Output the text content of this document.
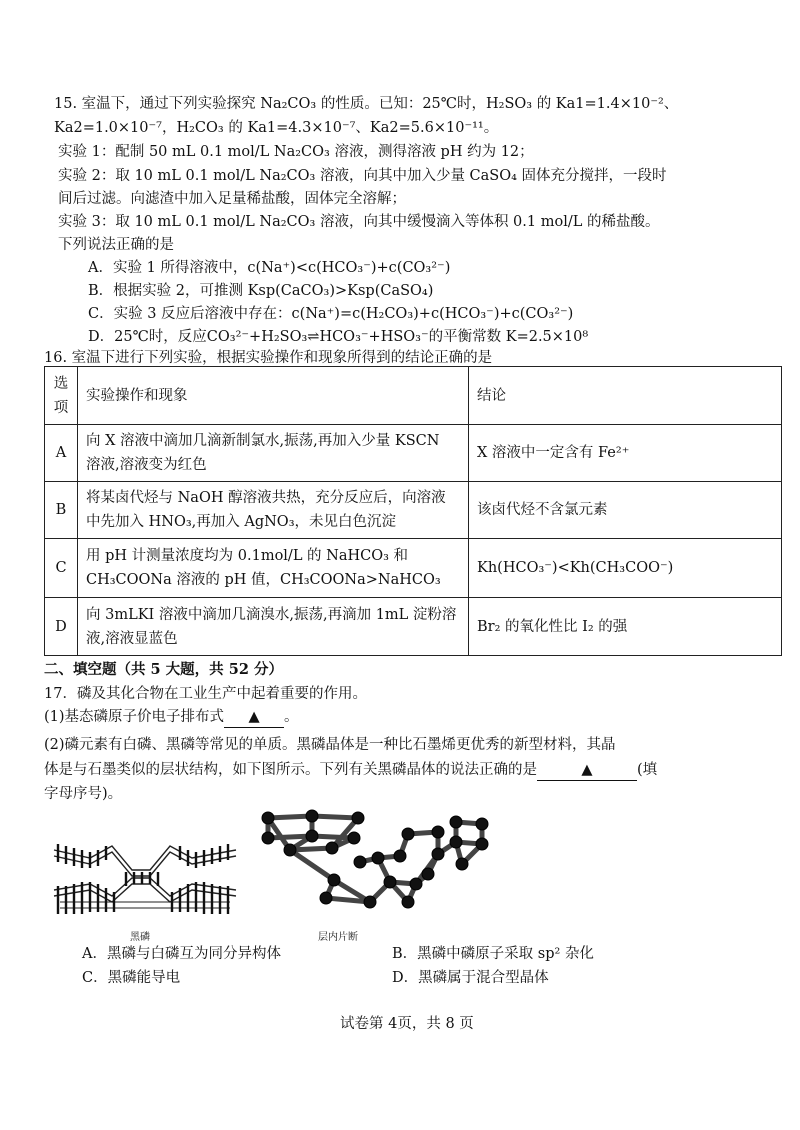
15. 室温下，通过下列实验探究 Na₂CO₃ 的性质。已知：25℃时，H₂SO₃ 的 Ka1=1.4×10⁻²、
Ka2=1.0×10⁻⁷，H₂CO₃ 的 Ka1=4.3×10⁻⁷、Ka2=5.6×10⁻¹¹。
实验 1：配制 50 mL 0.1 mol/L Na₂CO₃ 溶液，测得溶液 pH 约为 12；
实验 2：取 10 mL 0.1 mol/L Na₂CO₃ 溶液，向其中加入少量 CaSO₄ 固体充分搅拌，一段时
间后过滤。向滤渣中加入足量稀盐酸，固体完全溶解；
实验 3：取 10 mL 0.1 mol/L Na₂CO₃ 溶液，向其中缓慢滴入等体积 0.1 mol/L 的稀盐酸。
下列说法正确的是
A．实验 1 所得溶液中，c(Na⁺)<c(HCO₃⁻)+c(CO₃²⁻)
B．根据实验 2，可推测 Ksp(CaCO₃)>Ksp(CaSO₄)
C．实验 3 反应后溶液中存在：c(Na⁺)=c(H₂CO₃)+c(HCO₃⁻)+c(CO₃²⁻)
D．25℃时，反应CO₃²⁻+H₂SO₃⇌HCO₃⁻+HSO₃⁻的平衡常数 K=2.5×10⁸
16. 室温下进行下列实验，根据实验操作和现象所得到的结论正确的是
选
项	实验操作和现象	结论
A	向 X 溶液中滴加几滴新制氯水,振荡,再加入少量 KSCN
溶液,溶液变为红色	X 溶液中一定含有 Fe²⁺
B	将某卤代烃与 NaOH 醇溶液共热，充分反应后，向溶液
中先加入 HNO₃,再加入 AgNO₃，未见白色沉淀	该卤代烃不含氯元素
C	用 pH 计测量浓度均为 0.1mol/L 的 NaHCO₃ 和
CH₃COONa 溶液的 pH 值，CH₃COONa>NaHCO₃	Kh(HCO₃⁻)<Kh(CH₃COO⁻)
D	向 3mLKI 溶液中滴加几滴溴水,振荡,再滴加 1mL 淀粉溶
液,溶液显蓝色	Br₂ 的氧化性比 I₂ 的强
二、填空题（共 5 大题，共 52 分）
17．磷及其化合物在工业生产中起着重要的作用。
(1)基态磷原子价电子排布式 ▲ 。
(2)磷元素有白磷、黑磷等常见的单质。黑磷晶体是一种比石墨烯更优秀的新型材料，其晶
体是与石墨类似的层状结构，如下图所示。下列有关黑磷晶体的说法正确的是	▲	(填
字母序号)。
黑磷	层内片断
A．黑磷与白磷互为同分异构体	B．黑磷中磷原子采取 sp² 杂化
C．黑磷能导电	D．黑磷属于混合型晶体
试卷第 4页，共 8 页
